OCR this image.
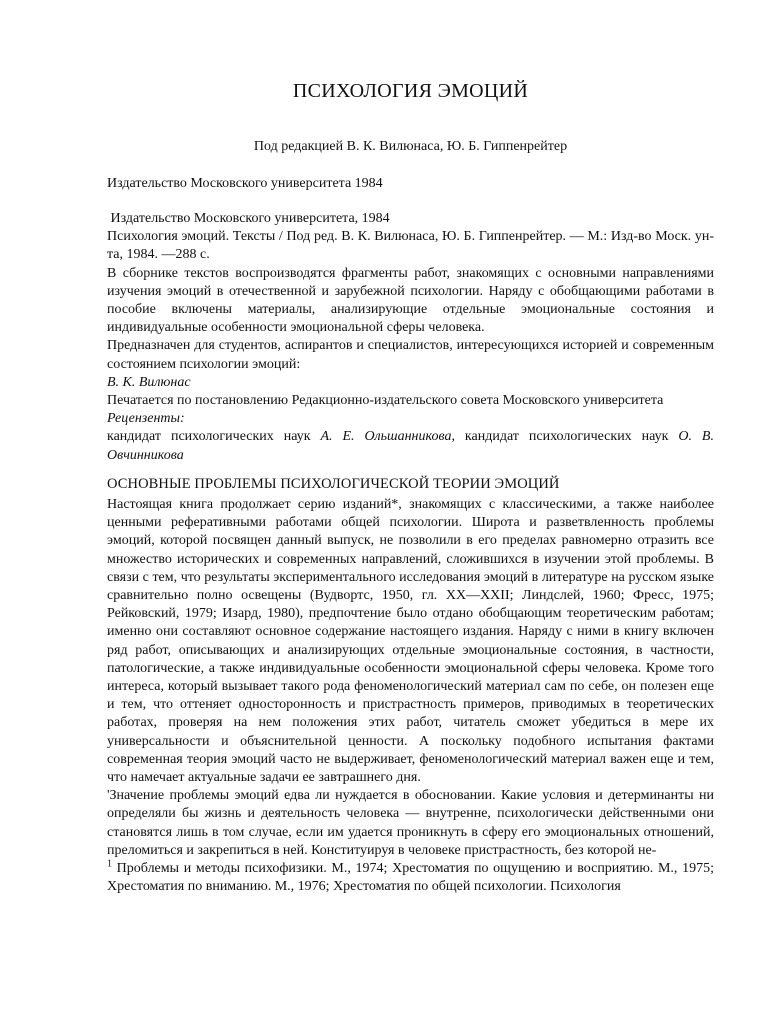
ПСИХОЛОГИЯ ЭМОЦИЙ

Под редакцией В. К. Вилюнаса, Ю. Б. Гиппенрейтер

Издательство Московского университета 1984

Издательство Московского университета, 1984

Психология эмоций. Тексты / Под ред. В. К. Вилюнаса, Ю. Б. Гиппенрейтер. — М.: Изд-во Моск. ун-та, 1984. —288 с.

В сборнике текстов воспроизводятся фрагменты работ, знакомящих с основными направлениями изучения эмоций в отечественной и зарубежной психологии. Наряду с обобщающими работами в пособие включены материалы, анализирующие отдельные эмоциональные состояния и индивидуальные особенности эмоциональной сферы человека.

Предназначен для студентов, аспирантов и специалистов, интересующихся историей и современным состоянием психологии эмоций:

В. К. Вилюнас

Печатается по постановлению Редакционно-издательского совета Московского университета

Рецензенты:

кандидат психологических наук А. Е. Ольшанникова, кандидат психологических наук О. В. Овчинникова

ОСНОВНЫЕ ПРОБЛЕМЫ ПСИХОЛОГИЧЕСКОЙ ТЕОРИИ ЭМОЦИЙ

Настоящая книга продолжает серию изданий*, знакомящих с классическими, а также наиболее ценными реферативными работами общей психологии. Широта и разветвленность проблемы эмоций, которой посвящен данный выпуск, не позволили в его пределах равномерно отразить все множество исторических и современных направлений, сложившихся в изучении этой проблемы. В связи с тем, что результаты экспериментального исследования эмоций в литературе на русском языке сравнительно полно освещены (Вудвортс, 1950, гл. XX—XXII; Линдслей, 1960; Фресс, 1975; Рейковский, 1979; Изард, 1980), предпочтение было отдано обобщающим теоретическим работам; именно они составляют основное содержание настоящего издания. Наряду с ними в книгу включен ряд работ, описывающих и анализирующих отдельные эмоциональные состояния, в частности, патологические, а также индивидуальные особенности эмоциональной сферы человека. Кроме того интереса, который вызывает такого рода феноменологический материал сам по себе, он полезен еще и тем, что оттеняет односторонность и пристрастность примеров, приводимых в теоретических работах, проверяя на нем положения этих работ, читатель сможет убедиться в мере их универсальности и объяснительной ценности. А поскольку подобного испытания фактами современная теория эмоций часто не выдерживает, феноменологический материал важен еще и тем, что намечает актуальные задачи ее завтрашнего дня.

'Значение проблемы эмоций едва ли нуждается в обосновании. Какие условия и детерминанты ни определяли бы жизнь и деятельность человека — внутренне, психологически действенными они становятся лишь в том случае, если им удается проникнуть в сферу его эмоциональных отношений, преломиться и закрепиться в ней. Конституируя в человеке пристрастность, без которой не-

$^1$ Проблемы и методы психофизики. М., 1974; Хрестоматия по ощущению и восприятию. М., 1975; Хрестоматия по вниманию. М., 1976; Хрестоматия по общей психологии. Психология
